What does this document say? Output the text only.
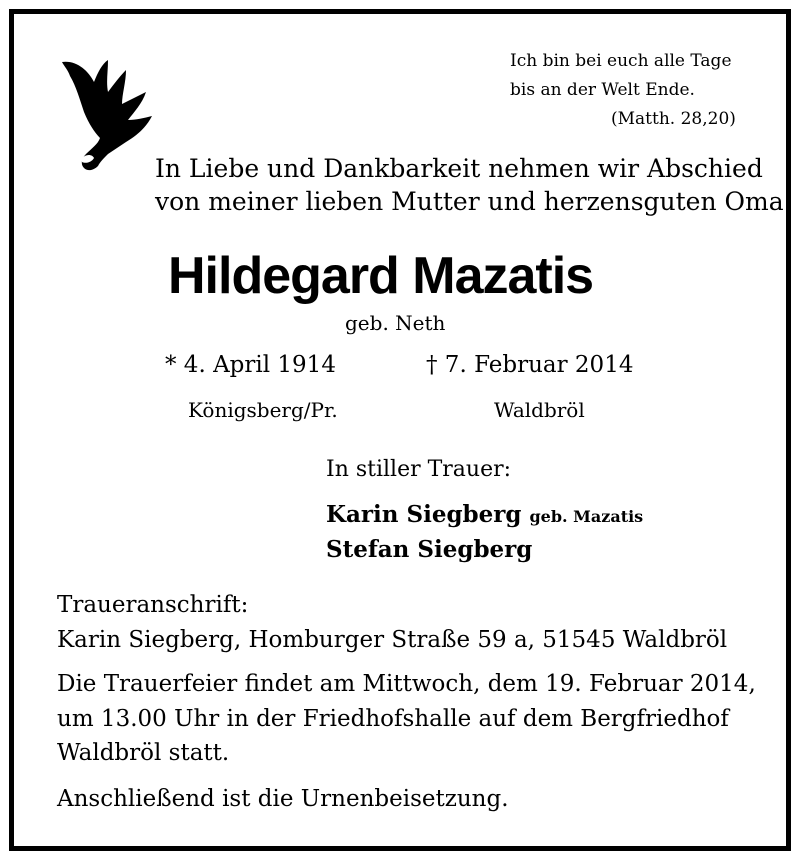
Ich bin bei euch alle Tage
bis an der Welt Ende.
(Matth. 28,20)
In Liebe und Dankbarkeit nehmen wir Abschied
von meiner lieben Mutter und herzensguten Oma
Hildegard Mazatis
geb. Neth
* 4. April 1914	† 7. Februar 2014
Königsberg/Pr.	Waldbröl
In stiller Trauer:
Karin Siegberg geb. Mazatis
Stefan Siegberg
Traueranschrift:
Karin Siegberg, Homburger Straße 59 a, 51545 Waldbröl
Die Trauerfeier findet am Mittwoch, dem 19. Februar 2014,
um 13.00 Uhr in der Friedhofshalle auf dem Bergfriedhof
Waldbröl statt.
Anschließend ist die Urnenbeisetzung.
